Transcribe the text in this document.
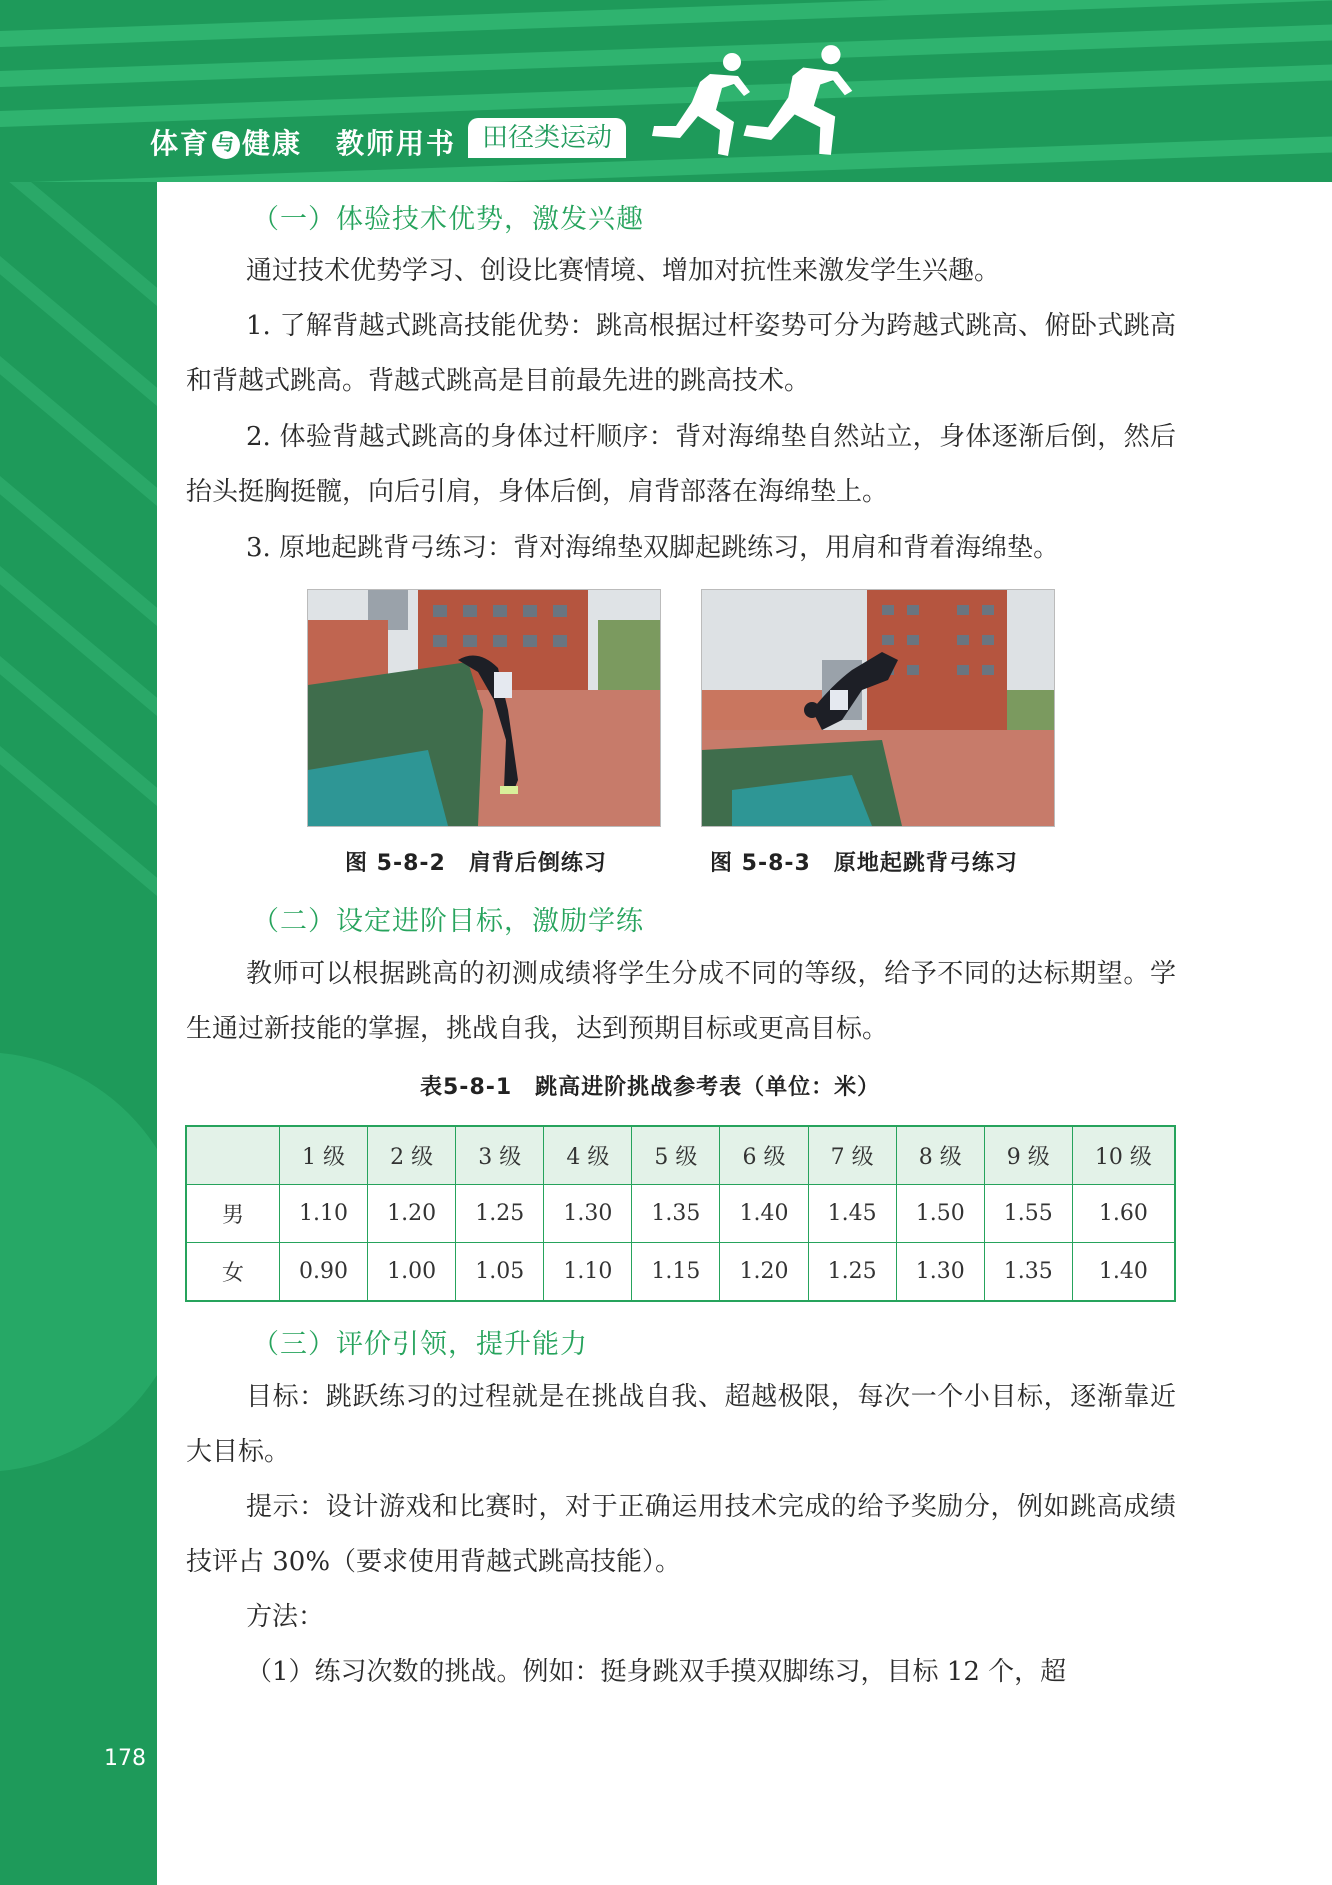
体育 与 健康 教师用书 田径类运动
178
（一）体验技术优势，激发兴趣

通过技术优势学习、创设比赛情境、增加对抗性来激发学生兴趣。

1. 了解背越式跳高技能优势：跳高根据过杆姿势可分为跨越式跳高、俯卧式跳高和背越式跳高。背越式跳高是目前最先进的跳高技术。

2. 体验背越式跳高的身体过杆顺序：背对海绵垫自然站立，身体逐渐后倒，然后抬头挺胸挺髋，向后引肩，身体后倒，肩背部落在海绵垫上。

3. 原地起跳背弓练习：背对海绵垫双脚起跳练习，用肩和背着海绵垫。

图 5-8-2　肩背后倒练习	图 5-8-3　原地起跳背弓练习
（二）设定进阶目标，激励学练

教师可以根据跳高的初测成绩将学生分成不同的等级，给予不同的达标期望。学生通过新技能的掌握，挑战自我，达到预期目标或更高目标。

表5-8-1　跳高进阶挑战参考表（单位：米）
	1 级	2 级	3 级	4 级	5 级	6 级	7 级	8 级	9 级	10 级
男	1.10	1.20	1.25	1.30	1.35	1.40	1.45	1.50	1.55	1.60
女	0.90	1.00	1.05	1.10	1.15	1.20	1.25	1.30	1.35	1.40
（三）评价引领，提升能力

目标：跳跃练习的过程就是在挑战自我、超越极限，每次一个小目标，逐渐靠近大目标。

提示：设计游戏和比赛时，对于正确运用技术完成的给予奖励分，例如跳高成绩技评占 30%（要求使用背越式跳高技能）。

方法：

（1）练习次数的挑战。例如：挺身跳双手摸双脚练习，目标 12 个，超
